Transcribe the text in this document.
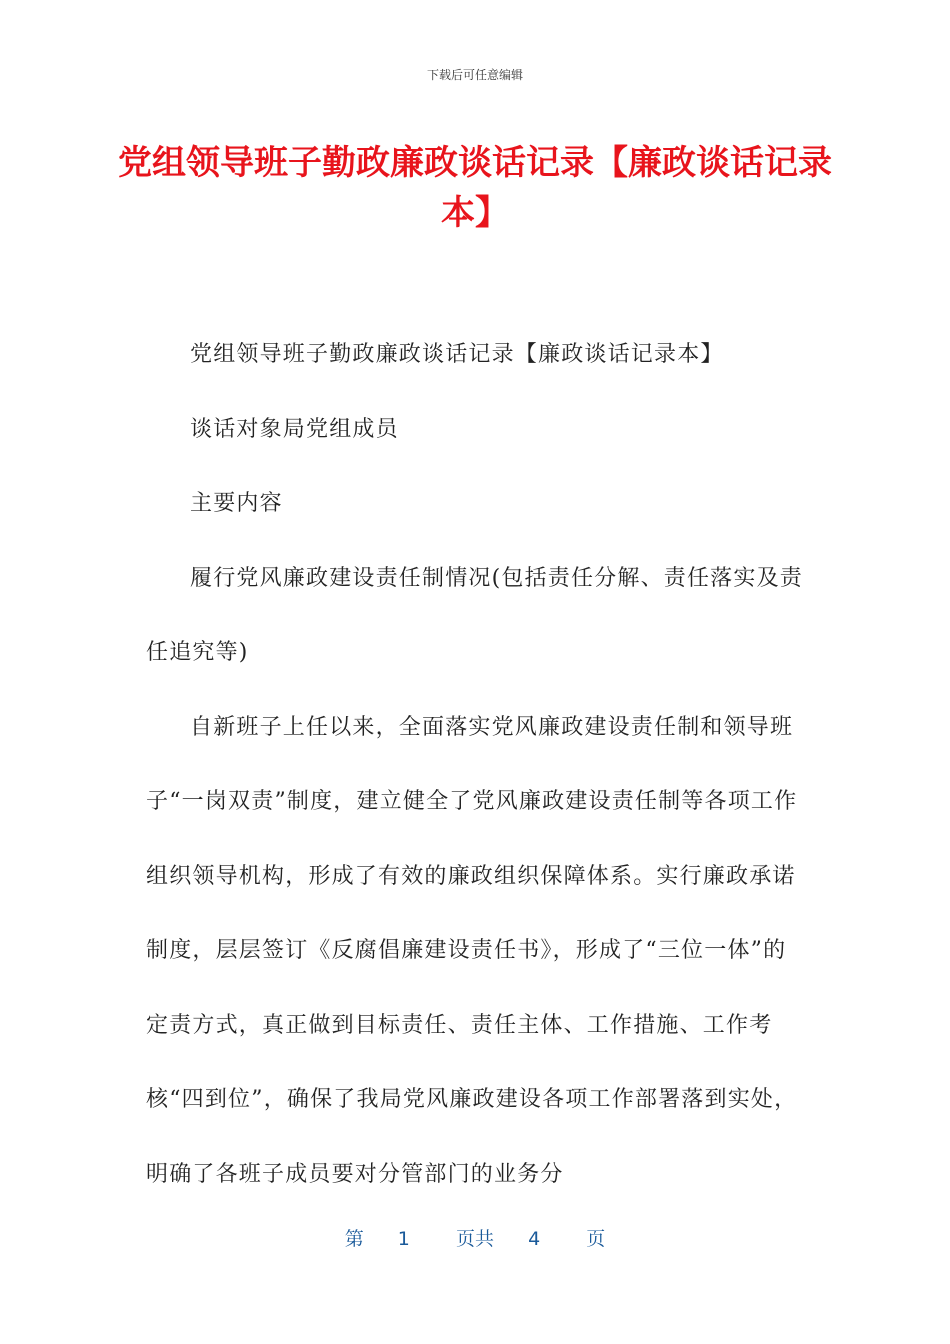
下载后可任意编辑
党组领导班子勤政廉政谈话记录【廉政谈话记录本】

党组领导班子勤政廉政谈话记录【廉政谈话记录本】

谈话对象局党组成员

主要内容

履行党风廉政建设责任制情况(包括责任分解、责任落实及责任追究等)

自新班子上任以来，全面落实党风廉政建设责任制和领导班子“一岗双责”制度，建立健全了党风廉政建设责任制等各项工作组织领导机构，形成了有效的廉政组织保障体系。实行廉政承诺制度，层层签订《反腐倡廉建设责任书》，形成了“三位一体”的定责方式，真正做到目标责任、责任主体、工作措施、工作考核“四到位”，确保了我局党风廉政建设各项工作部署落到实处，明确了各班子成员要对分管部门的业务分

第 1 页共 4 页
